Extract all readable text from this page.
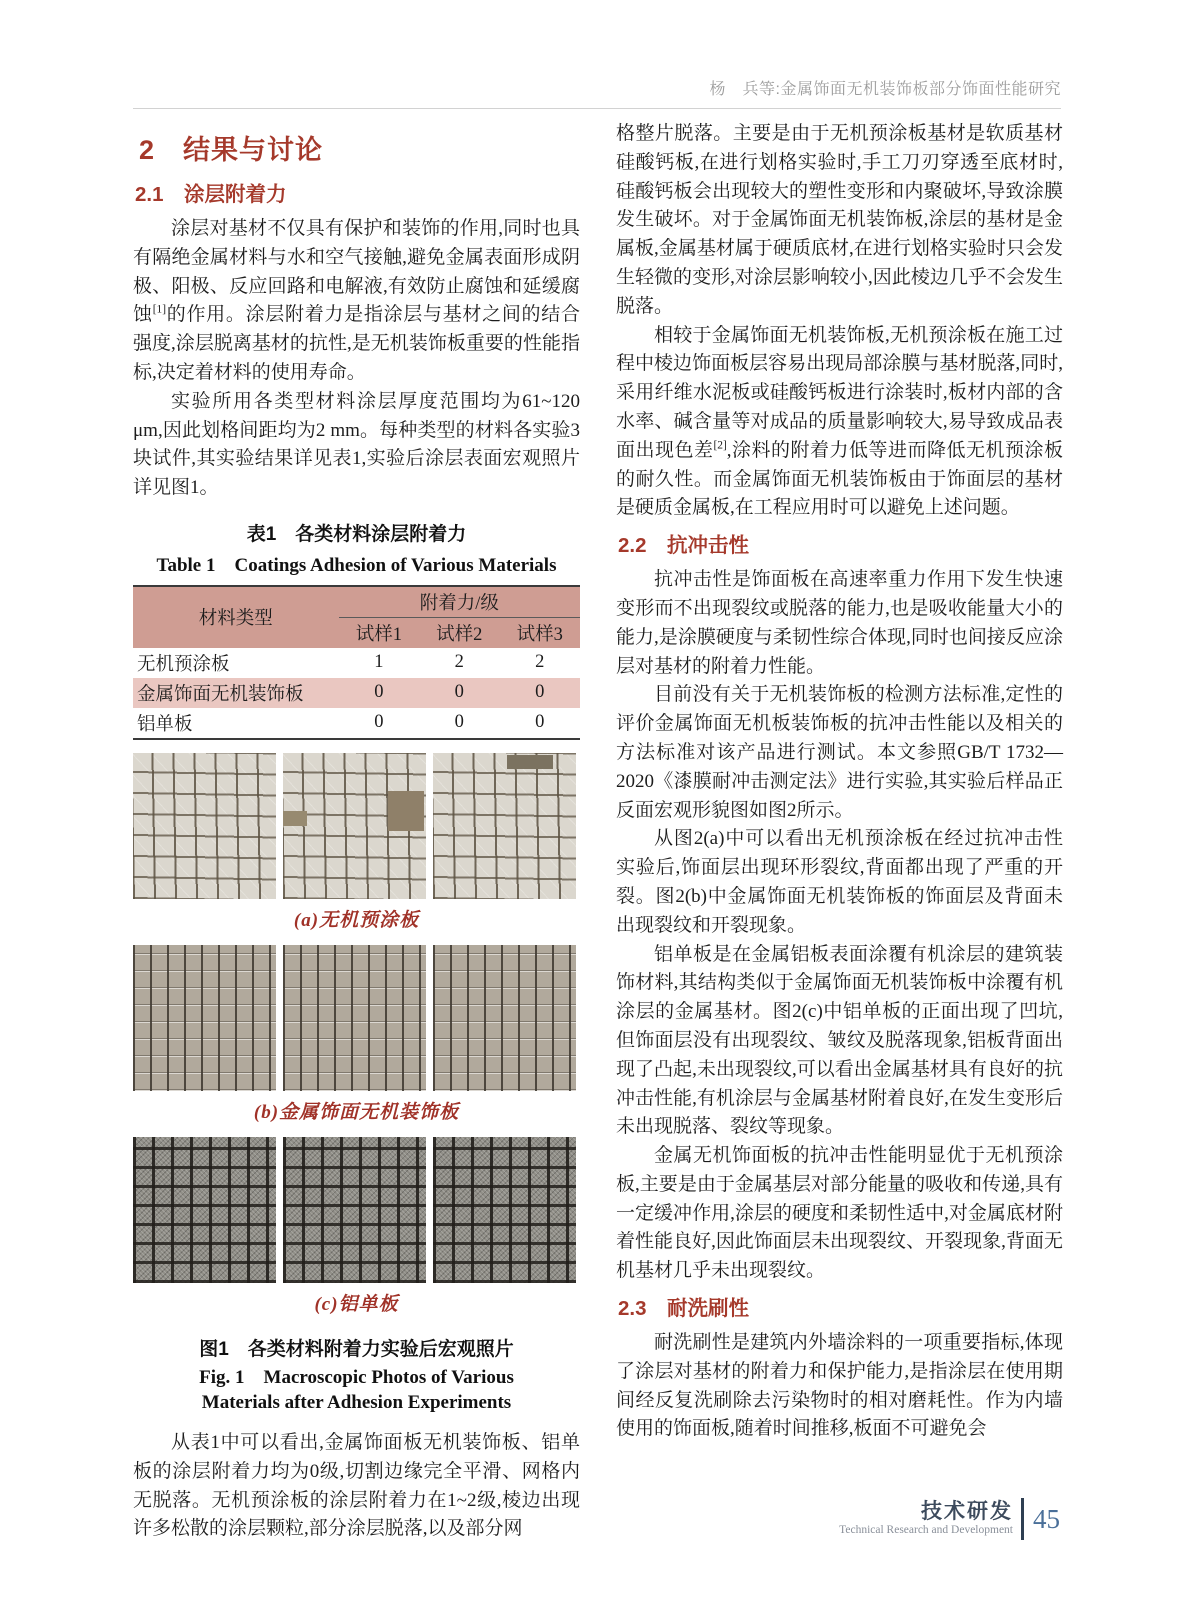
杨　兵等:金属饰面无机装饰板部分饰面性能研究
2　结果与讨论
2.1　涂层附着力

涂层对基材不仅具有保护和装饰的作用,同时也具有隔绝金属材料与水和空气接触,避免金属表面形成阴极、阳极、反应回路和电解液,有效防止腐蚀和延缓腐蚀[1]的作用。涂层附着力是指涂层与基材之间的结合强度,涂层脱离基材的抗性,是无机装饰板重要的性能指标,决定着材料的使用寿命。

实验所用各类型材料涂层厚度范围均为61~120 μm,因此划格间距均为2 mm。每种类型的材料各实验3块试件,其实验结果详见表1,实验后涂层表面宏观照片详见图1。

表1　各类材料涂层附着力
Table 1　Coatings Adhesion of Various Materials
材料类型	附着力/级		
	试样1	试样2	试样3
无机预涂板	1	2	2
金属饰面无机装饰板	0	0	0
铝单板	0	0	0
(a)无机预涂板
(b)金属饰面无机装饰板
(c)铝单板
图1　各类材料附着力实验后宏观照片
Fig. 1　Macroscopic Photos of Various Materials after Adhesion Experiments

从表1中可以看出,金属饰面板无机装饰板、铝单板的涂层附着力均为0级,切割边缘完全平滑、网格内无脱落。无机预涂板的涂层附着力在1~2级,棱边出现许多松散的涂层颗粒,部分涂层脱落,以及部分网

格整片脱落。主要是由于无机预涂板基材是软质基材硅酸钙板,在进行划格实验时,手工刀刃穿透至底材时,硅酸钙板会出现较大的塑性变形和内聚破坏,导致涂膜发生破坏。对于金属饰面无机装饰板,涂层的基材是金属板,金属基材属于硬质底材,在进行划格实验时只会发生轻微的变形,对涂层影响较小,因此棱边几乎不会发生脱落。

相较于金属饰面无机装饰板,无机预涂板在施工过程中棱边饰面板层容易出现局部涂膜与基材脱落,同时,采用纤维水泥板或硅酸钙板进行涂装时,板材内部的含水率、碱含量等对成品的质量影响较大,易导致成品表面出现色差[2],涂料的附着力低等进而降低无机预涂板的耐久性。而金属饰面无机装饰板由于饰面层的基材是硬质金属板,在工程应用时可以避免上述问题。

2.2　抗冲击性

抗冲击性是饰面板在高速率重力作用下发生快速变形而不出现裂纹或脱落的能力,也是吸收能量大小的能力,是涂膜硬度与柔韧性综合体现,同时也间接反应涂层对基材的附着力性能。

目前没有关于无机装饰板的检测方法标准,定性的评价金属饰面无机板装饰板的抗冲击性能以及相关的方法标准对该产品进行测试。本文参照GB/T 1732—2020《漆膜耐冲击测定法》进行实验,其实验后样品正反面宏观形貌图如图2所示。

从图2(a)中可以看出无机预涂板在经过抗冲击性实验后,饰面层出现环形裂纹,背面都出现了严重的开裂。图2(b)中金属饰面无机装饰板的饰面层及背面未出现裂纹和开裂现象。

铝单板是在金属铝板表面涂覆有机涂层的建筑装饰材料,其结构类似于金属饰面无机装饰板中涂覆有机涂层的金属基材。图2(c)中铝单板的正面出现了凹坑,但饰面层没有出现裂纹、皱纹及脱落现象,铝板背面出现了凸起,未出现裂纹,可以看出金属基材具有良好的抗冲击性能,有机涂层与金属基材附着良好,在发生变形后未出现脱落、裂纹等现象。

金属无机饰面板的抗冲击性能明显优于无机预涂板,主要是由于金属基层对部分能量的吸收和传递,具有一定缓冲作用,涂层的硬度和柔韧性适中,对金属底材附着性能良好,因此饰面层未出现裂纹、开裂现象,背面无机基材几乎未出现裂纹。

2.3　耐洗刷性

耐洗刷性是建筑内外墙涂料的一项重要指标,体现了涂层对基材的附着力和保护能力,是指涂层在使用期间经反复洗刷除去污染物时的相对磨耗性。作为内墙使用的饰面板,随着时间推移,板面不可避免会

技术研发
Technical Research and Development 45
